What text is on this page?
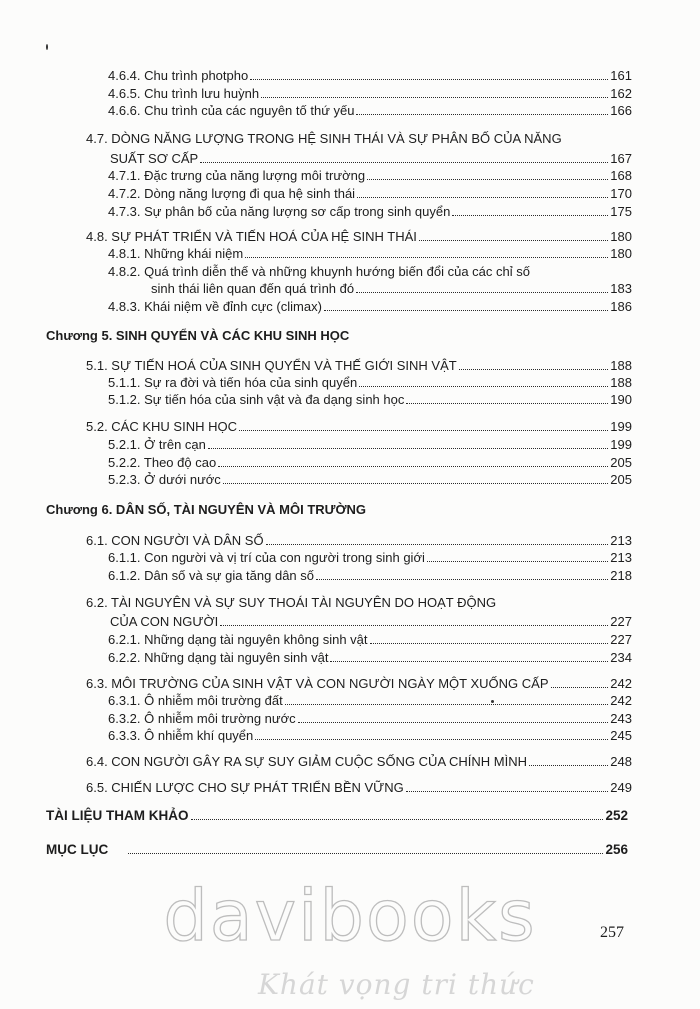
4.6.4. Chu trình photpho	161
4.6.5. Chu trình lưu huỳnh	162
4.6.6. Chu trình của các nguyên tố thứ yếu	166
4.7. DÒNG NĂNG LƯỢNG TRONG HỆ SINH THÁI VÀ SỰ PHÂN BỐ CỦA NĂNG
SUẤT SƠ CẤP	167
4.7.1. Đặc trưng của năng lượng môi trường	168
4.7.2. Dòng năng lượng đi qua hệ sinh thái	170
4.7.3. Sự phân bố của năng lượng sơ cấp trong sinh quyển	175
4.8. SỰ PHÁT TRIỂN VÀ TIẾN HOÁ CỦA HỆ SINH THÁI	180
4.8.1. Những khái niệm	180
4.8.2. Quá trình diễn thế và những khuynh hướng biến đổi của các chỉ số
sinh thái liên quan đến quá trình đó	183
4.8.3. Khái niệm về đỉnh cực (climax)	186
Chương 5. SINH QUYỂN VÀ CÁC KHU SINH HỌC
5.1. SỰ TIẾN HOÁ CỦA SINH QUYỂN VÀ THẾ GIỚI SINH VẬT	188
5.1.1. Sự ra đời và tiến hóa của sinh quyển	188
5.1.2. Sự tiến hóa của sinh vật và đa dạng sinh học	190
5.2. CÁC KHU SINH HỌC	199
5.2.1. Ở trên cạn	199
5.2.2. Theo độ cao	205
5.2.3. Ở dưới nước	205
Chương 6. DÂN SỐ, TÀI NGUYÊN VÀ MÔI TRƯỜNG
6.1. CON NGƯỜI VÀ DÂN SỐ	213
6.1.1. Con người và vị trí của con người trong sinh giới	213
6.1.2. Dân số và sự gia tăng dân số	218
6.2. TÀI NGUYÊN VÀ SỰ SUY THOÁI TÀI NGUYÊN DO HOẠT ĐỘNG
CỦA CON NGƯỜI	227
6.2.1. Những dạng tài nguyên không sinh vật	227
6.2.2. Những dạng tài nguyên sinh vật	234
6.3. MÔI TRƯỜNG CỦA SINH VẬT VÀ CON NGƯỜI NGÀY MỘT XUỐNG CẤP	242
6.3.1. Ô nhiễm môi trường đất	242
6.3.2. Ô nhiễm môi trường nước	243
6.3.3. Ô nhiễm khí quyển	245
6.4. CON NGƯỜI GÂY RA SỰ SUY GIẢM CUỘC SỐNG CỦA CHÍNH MÌNH	248
6.5. CHIẾN LƯỢC CHO SỰ PHÁT TRIỂN BỀN VỮNG	249
TÀI LIỆU THAM KHẢO	252
MỤC LỤC	256
davibooks
Khát vọng tri thức
257
